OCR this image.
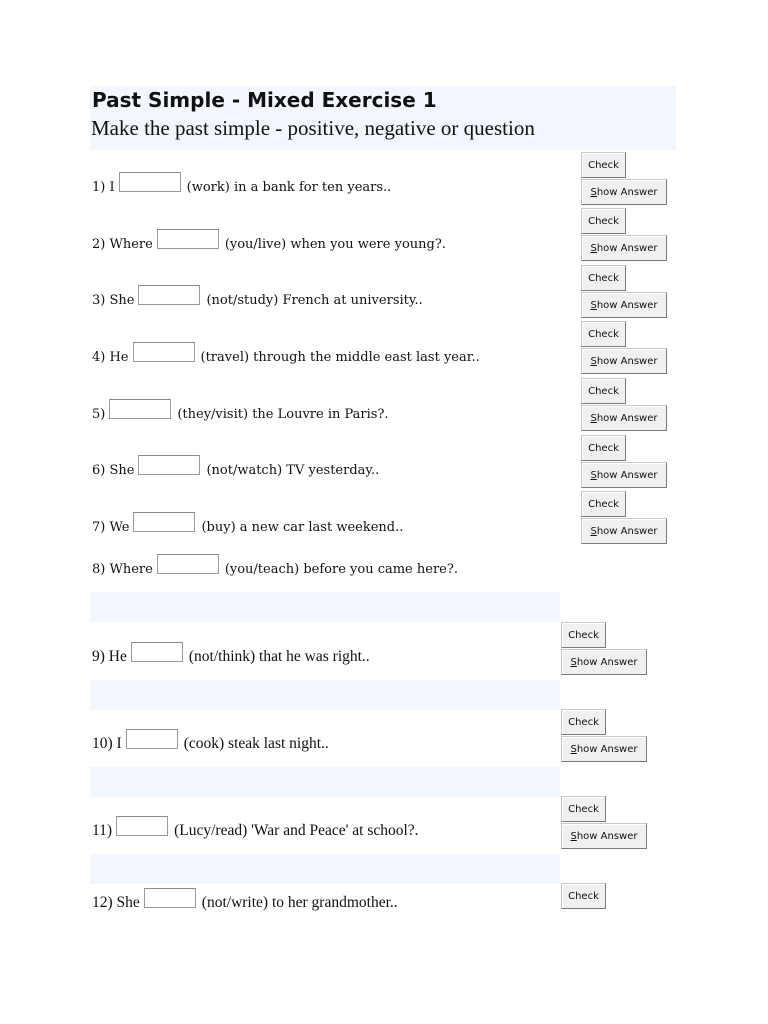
Past Simple - Mixed Exercise 1
Make the past simple - positive, negative or question
1) I	(work) in a bank for ten years..
2) Where	(you/live) when you were young?.
3) She	(not/study) French at university..
4) He	(travel) through the middle east last year..
5)	(they/visit) the Louvre in Paris?.
6) She	(not/watch) TV yesterday..
7) We	(buy) a new car last weekend..
8) Where	(you/teach) before you came here?.
9) He	(not/think) that he was right..
10) I	(cook) steak last night..
11)	(Lucy/read) 'War and Peace' at school?.
12) She	(not/write) to her grandmother..
Check
S how Answer
Check
S how Answer
Check
S how Answer
Check
S how Answer
Check
S how Answer
Check
S how Answer
Check
S how Answer
Check
S how Answer
Check
S how Answer
Check
S how Answer
Check
